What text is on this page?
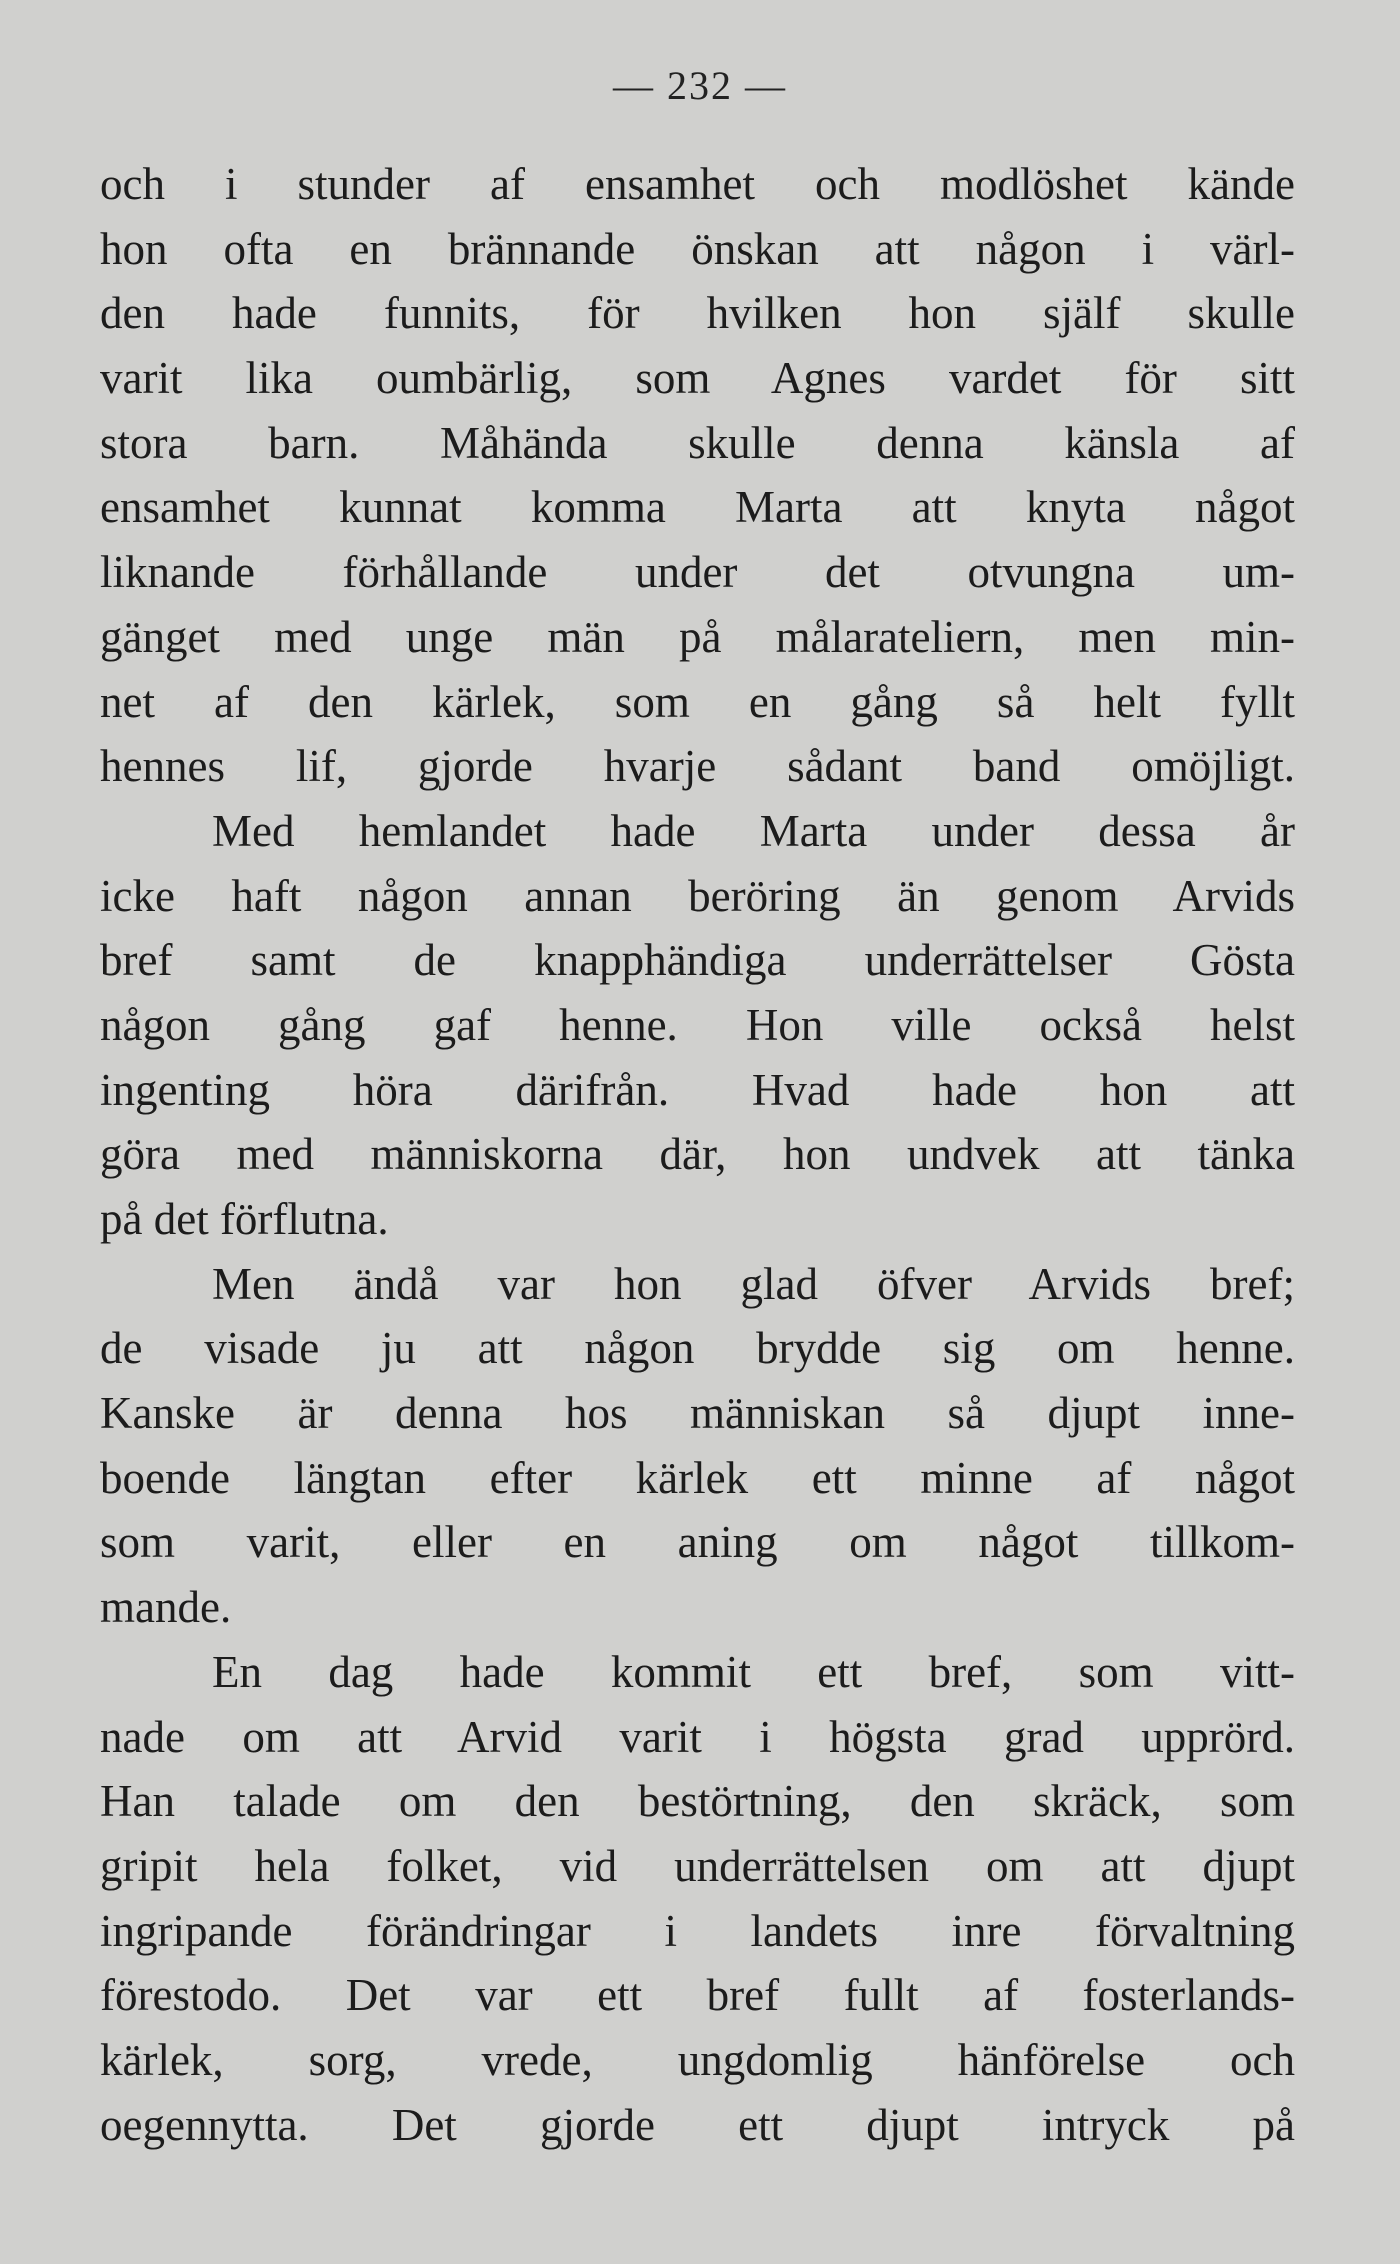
— 232 —
och i stunder af ensamhet och modlöshet kände
hon ofta en brännande önskan att någon i värl-
den hade funnits, för hvilken hon själf skulle
varit lika oumbärlig, som Agnes vardet för sitt
stora barn. Måhända skulle denna känsla af
ensamhet kunnat komma Marta att knyta något
liknande förhållande under det otvungna um-
gänget med unge män på målarateliern, men min-
net af den kärlek, som en gång så helt fyllt
hennes lif, gjorde hvarje sådant band omöjligt.
Med hemlandet hade Marta under dessa år
icke haft någon annan beröring än genom Arvids
bref samt de knapphändiga underrättelser Gösta
någon gång gaf henne. Hon ville också helst
ingenting höra därifrån. Hvad hade hon att
göra med människorna där, hon undvek att tänka
på det förflutna.
Men ändå var hon glad öfver Arvids bref;
de visade ju att någon brydde sig om henne.
Kanske är denna hos människan så djupt inne-
boende längtan efter kärlek ett minne af något
som varit, eller en aning om något tillkom-
mande.
En dag hade kommit ett bref, som vitt-
nade om att Arvid varit i högsta grad upprörd.
Han talade om den bestörtning, den skräck, som
gripit hela folket, vid underrättelsen om att djupt
ingripande förändringar i landets inre förvaltning
förestodo. Det var ett bref fullt af fosterlands-
kärlek, sorg, vrede, ungdomlig hänförelse och
oegennytta. Det gjorde ett djupt intryck på
